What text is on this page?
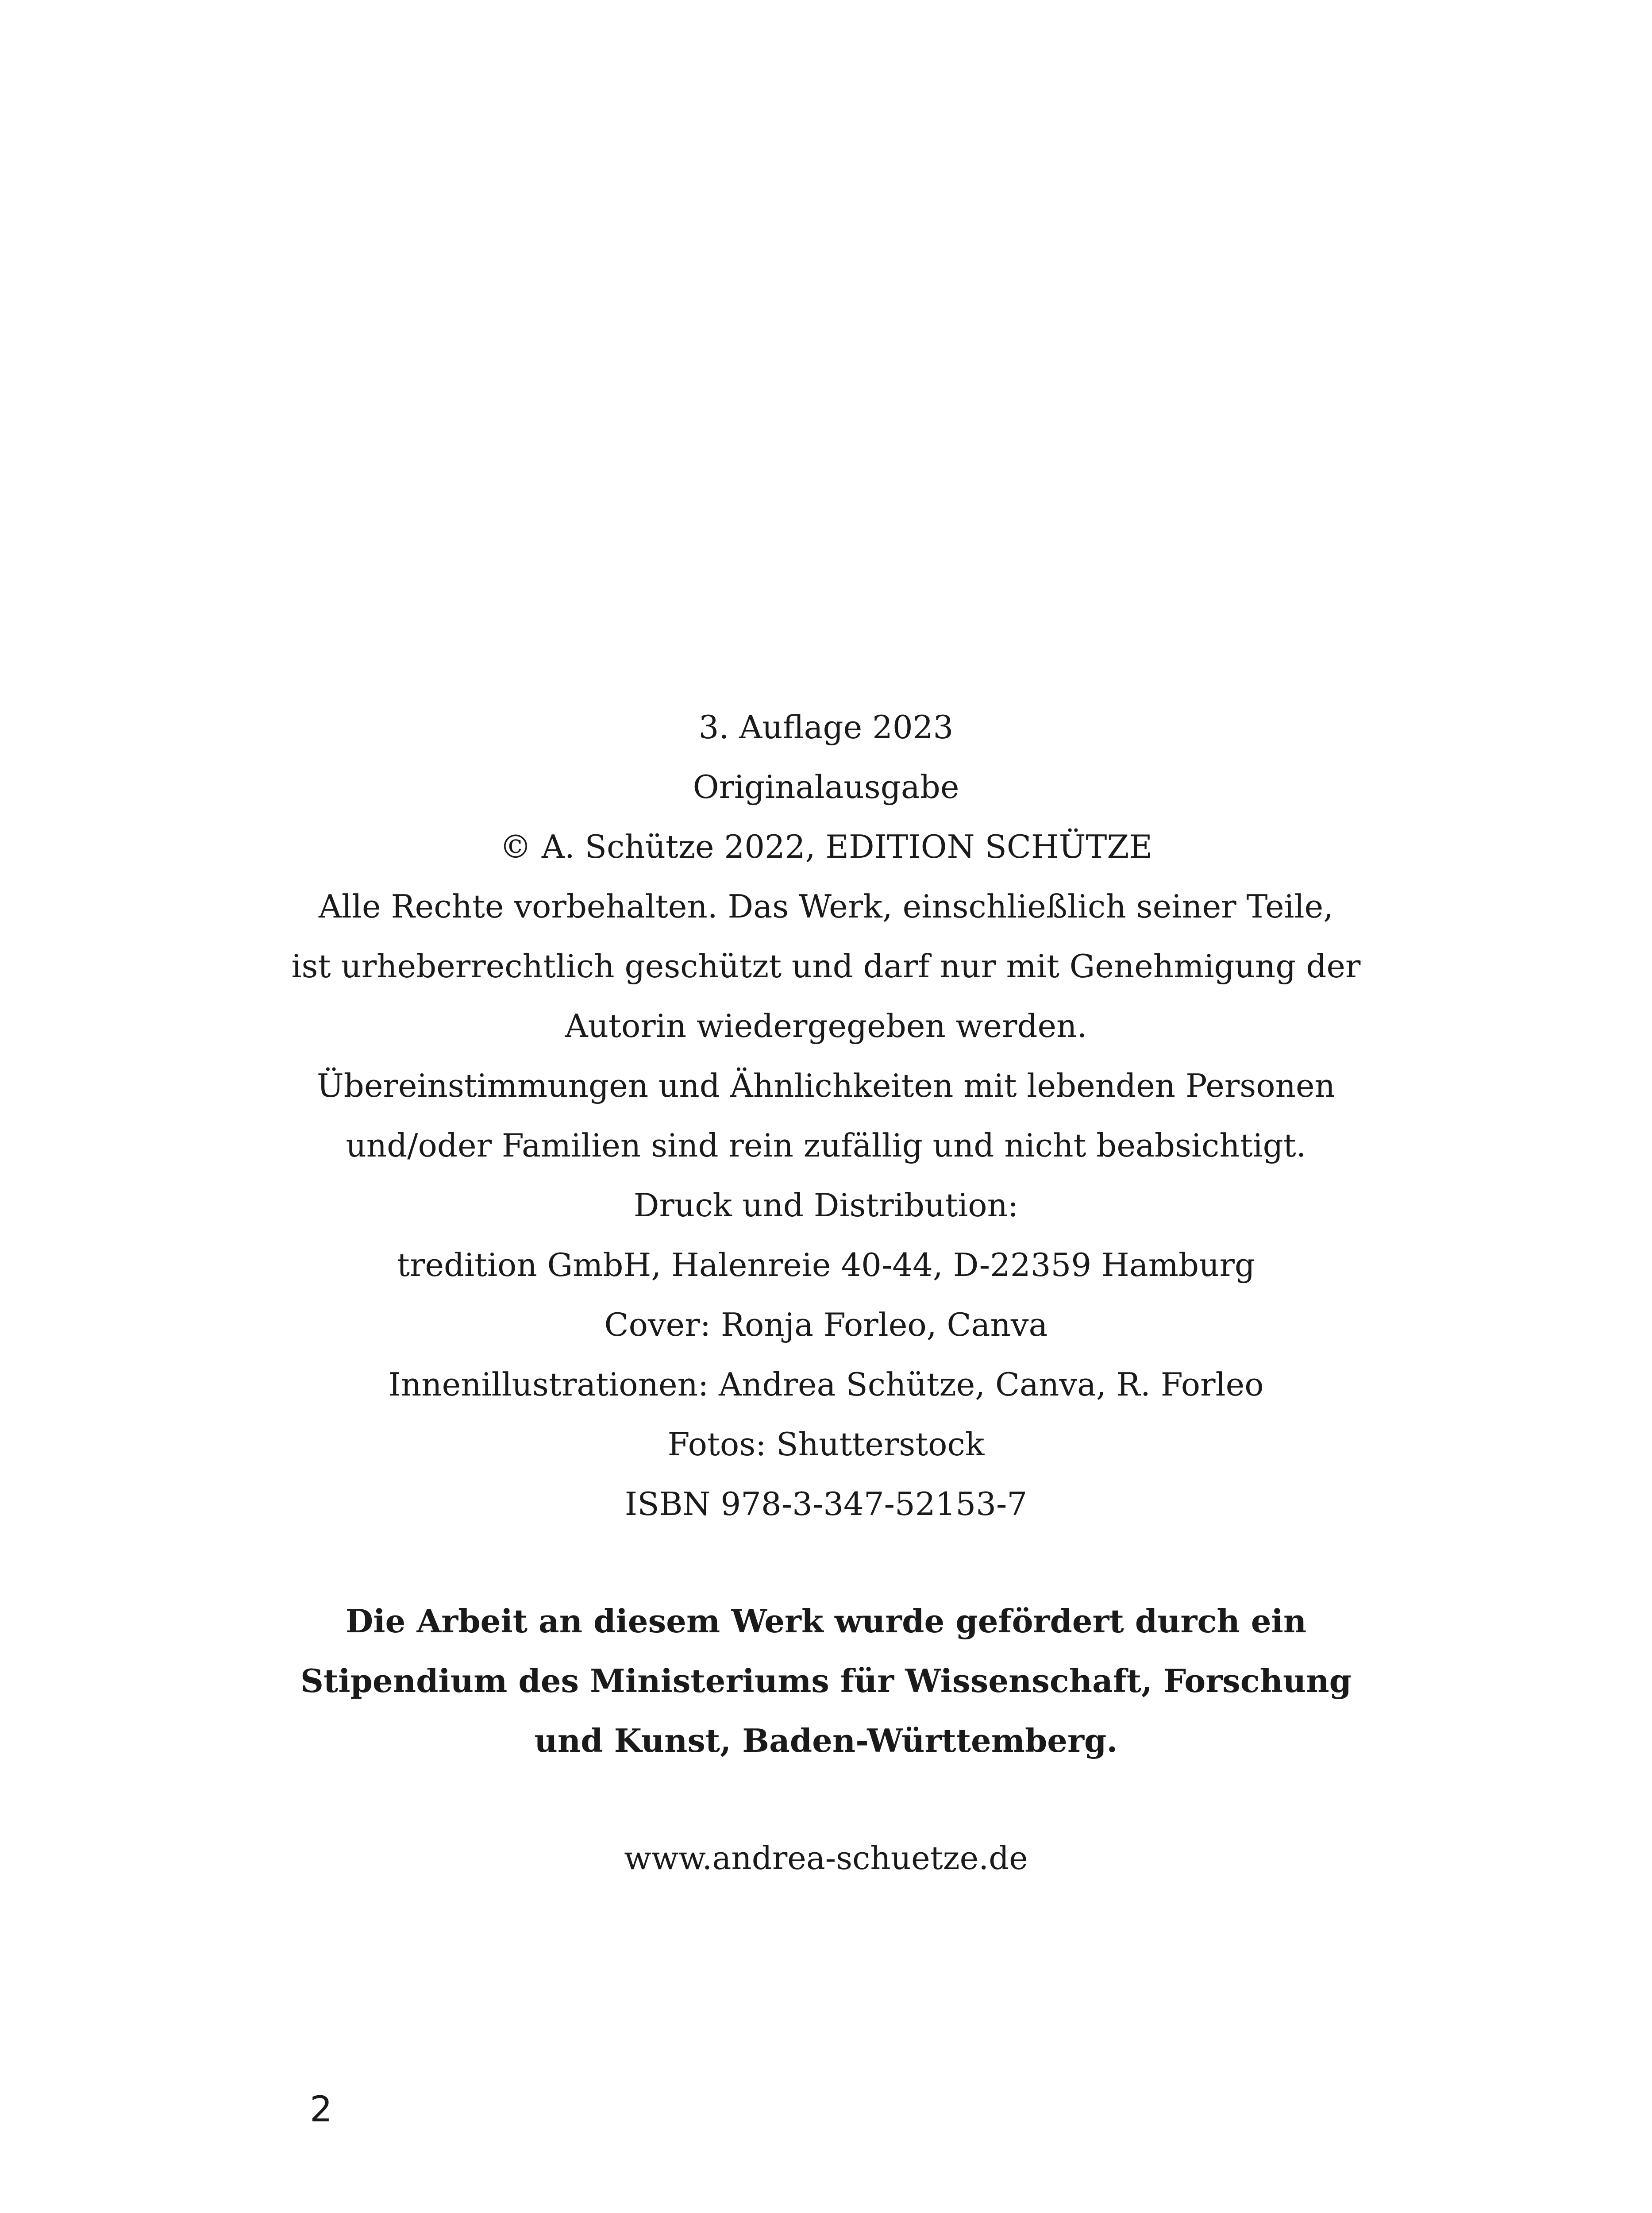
3. Auflage 2023
Originalausgabe
© A. Schütze 2022, EDITION SCHÜTZE
Alle Rechte vorbehalten. Das Werk, einschließlich seiner Teile,
ist urheberrechtlich geschützt und darf nur mit Genehmigung der
Autorin wiedergegeben werden.
Übereinstimmungen und Ähnlichkeiten mit lebenden Personen
und/oder Familien sind rein zufällig und nicht beabsichtigt.
Druck und Distribution:
tredition GmbH, Halenreie 40-44, D-22359 Hamburg
Cover: Ronja Forleo, Canva
Innenillustrationen: Andrea Schütze, Canva, R. Forleo
Fotos: Shutterstock
ISBN 978-3-347-52153-7
Die Arbeit an diesem Werk wurde gefördert durch ein
Stipendium des Ministeriums für Wissenschaft, Forschung
und Kunst, Baden-Württemberg.
www.andrea-schuetze.de
2
